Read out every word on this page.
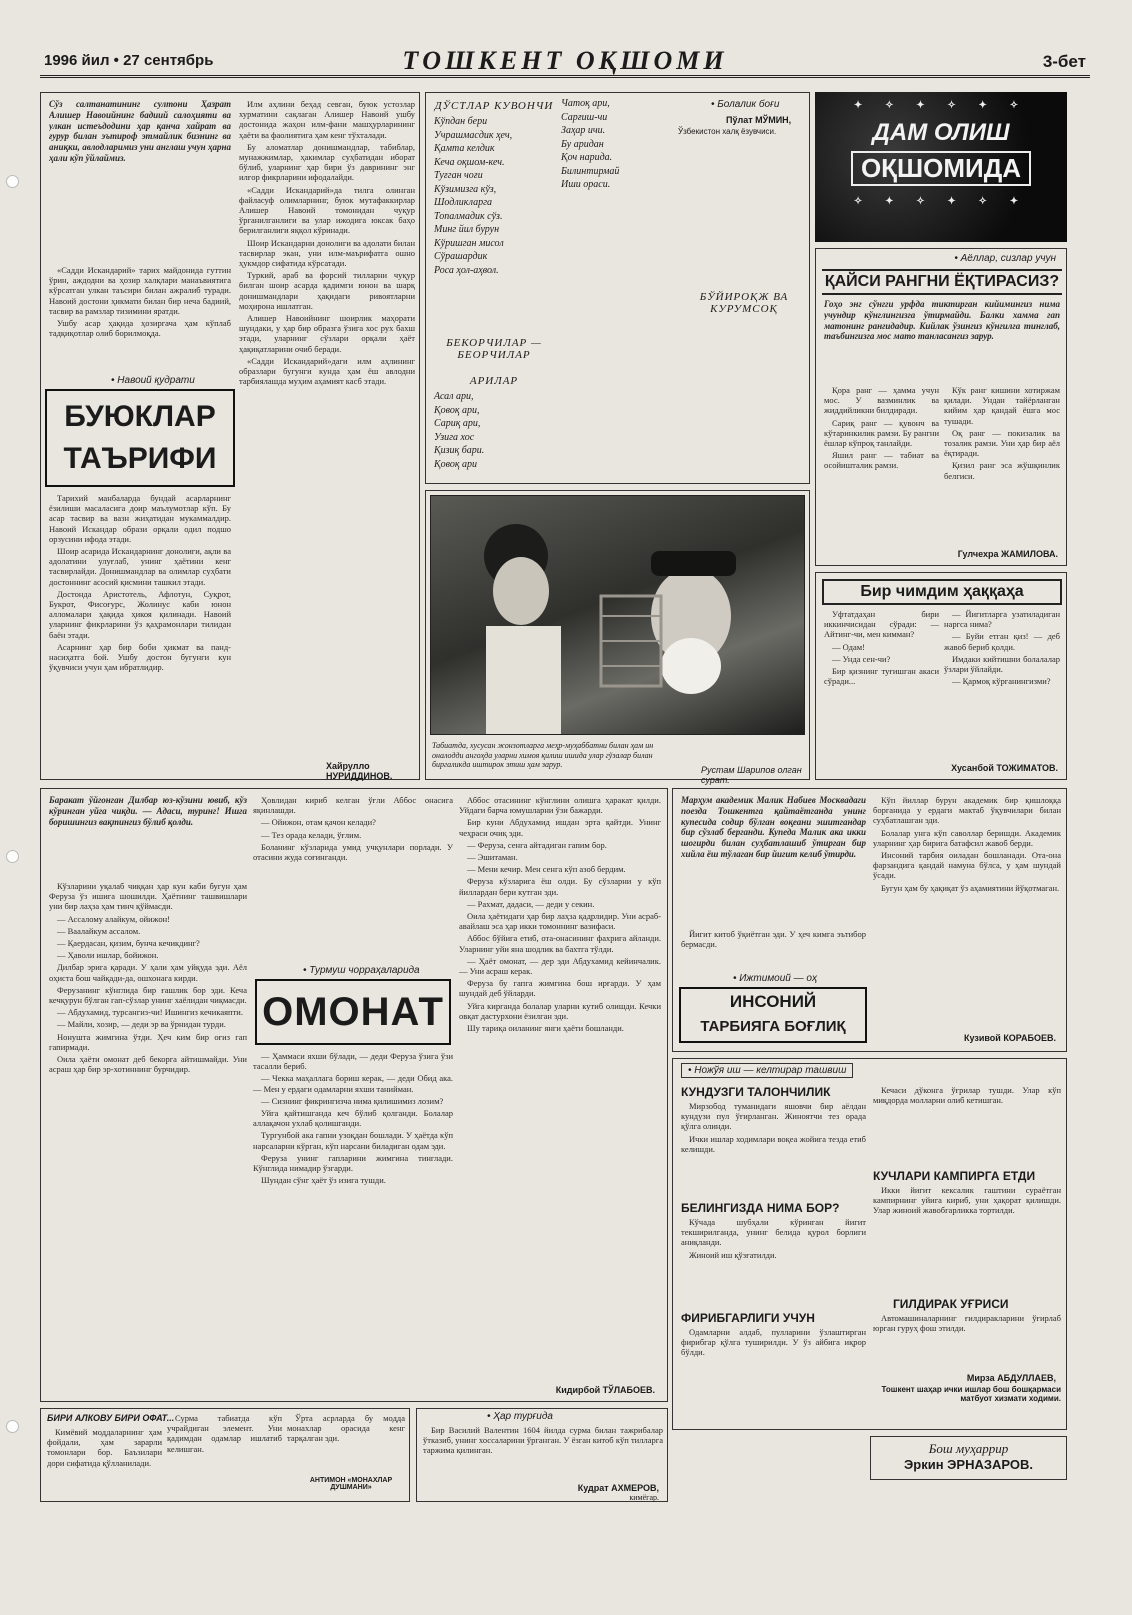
1996 йил • 27 сентябрь	ТОШКЕНТ ОҚШОМИ	3-бет
Сўз салтанатининг султони Ҳазрат Алишер Навоийнинг бадиий салоҳияти ва улкан истеъдодини ҳар қанча хайрат ва ғурур билан эътироф этмайлик бизнинг ва аниқки, авлодларимиз уни англаш учун ҳарна ҳали кўп ўйлаймиз.

«Садди Искандарий» тарих майдонида гуттин ўрин, аждодни ва ҳозир халқлари манаъвиятига кўрсатган улкан таъсири билан ажралиб туради. Навоий достони ҳикмати билан бир неча бадиий, тасвир ва рамзлар тизимини яратди.

Ушбу асар ҳақида ҳозиргача ҳам кўплаб тадқиқотлар олиб борилмоқда.

• Навоий қудрати
БУЮКЛАР
ТАЪРИФИ

Тарихий манбаларда бундай асарларнинг ёзилиши масаласига доир маълумотлар кўп. Бу асар тасвир ва вазн жиҳатидан мукаммалдир. Навоий Искандар образи орқали одил подшо орзусини ифода этади.

Шоир асарида Искандарнинг донолиги, ақли ва адолатини улуғлаб, унинг ҳаётини кенг тасвирлайди. Донишмандлар ва олимлар суҳбати достоннинг асосий қисмини ташкил этади.

Достонда Аристотель, Афлотун, Суқрот, Букрот, Фисоғурс, Жолинус каби юнон алломалари ҳақида ҳикоя қилинади. Навоий уларнинг фикрларини ўз қаҳрамонлари тилидан баён этади.

Асарнинг ҳар бир боби ҳикмат ва панд-насиҳатга бой. Ушбу достон бугунги кун ўқувчиси учун ҳам ибратлидир.

Илм аҳлини беҳад севган, буюк устозлар хурматини сақлаган Алишер Навоий ушбу достонида жаҳон илм-фани машҳурларининг ҳаёти ва фаолиятига ҳам кенг тўхталади.

Бу аломатлар донишмандлар, табиблар, мунажжимлар, ҳакимлар суҳбатидан иборат бўлиб, уларнинг ҳар бири ўз даврининг энг илғор фикрларини ифодалайди.

«Садди Искандарий»да тилга олинган файласуф олимларнинг, буюк мутафаккирлар Алишер Навоий томонидан чуқур ўрганилганлиги ва улар ижодига юксак баҳо берилганлиги яққол кўринади.

Шоир Искандарни донолиги ва адолати билан тасвирлар экан, уни илм-маърифатга ошно ҳукмдор сифатида кўрсатади.

Туркий, араб ва форсий тилларни чуқур билган шоир асарда қадимги юнон ва шарқ донишмандлари ҳақидаги ривоятларни моҳирона ишлатган.

Алишер Навоийнинг шоирлик маҳорати шундаки, у ҳар бир образга ўзига хос рух бахш этади, уларнинг сўзлари орқали ҳаёт ҳақиқатларини очиб беради.

«Садди Искандарий»даги илм аҳлининг образлари бугунги кунда ҳам ёш авлодни тарбиялашда муҳим аҳамият касб этади.

Хайрулло НУРИДДИНОВ.
ДЎСТЛАР КУВОНЧИ
Кўпдан бери
Учрашмасдик ҳеч,
Қамта келдик
Кеча оқшом-кеч.
Туғган чоғи
Кўзимизга кўз,
Шодликларга
Топалмадик сўз.
Минг йил бурун
Кўришган мисол
Сўрашардик
Роса ҳол-аҳвол.
БЕКОРЧИЛАР — БЕОРЧИЛАР
АРИЛАР
Асал ари,
Қовоқ ари,
Сариқ ари,
Узига хос
Қизиқ бари.
Қовоқ ари
Чатоқ ари,
Сарғиш-чи
Заҳар ичи.
Бу аридан
Қоч нарида.
Билинтирмай
Иши ораси.
• Болалик боғи
Пўлат МЎМИН,
Ўзбекистон халқ ёзувчиси.
БЎЙИРОҚЖ ВА КУРУМСОҚ
Табиатда, хусусан жонзотларга меҳр-муҳаббатни билан ҳам ин оналодди ангоҳда уларни химоя қилиш ишида улар гўзалар билан биргаликда иштирок этиш ҳам зарур.
Рустам Шарипов олган сурат.
✦ ✧ ✦ ✧ ✦ ✧
ДАМ ОЛИШ
ОҚШОМИДА
✧ ✦ ✧ ✦ ✧ ✦
• Аёллар, сизлар учун
ҚАЙСИ РАНГНИ ЁҚТИРАСИЗ?
Гоҳо энг сўнгги урфда тиктирган кийимингиз нима учундир кўнглингизга ўтирмайди. Балки хамма гап матонинг рангидадир. Кийлак ўзингиз кўнгилга тинглаб, таъбингизга мос мато танласангиз зарур.

Қора ранг — ҳамма учун мос. У вазминлик ва жиддийликни билдиради.

Сариқ ранг — қувонч ва кўтаринкилик рамзи. Бу рангни ёшлар кўпроқ танлайди.

Яшил ранг — табиат ва осойишталик рамзи.

Кўк ранг кишини хотиржам қилади. Ундан тайёрланган кийим ҳар қандай ёшга мос тушади.

Оқ ранг — покизалик ва тозалик рамзи. Уни ҳар бир аёл ёқтиради.

Қизил ранг эса жўшқинлик белгиси.

Гулчехра ЖАМИЛОВА.
Бир чимдим ҳаққаҳа

Уфтатдаҳан бири иккинчисидан сўради: — Айтинг-чи, мен кимман?

— Одам!

— Унда сен-чи?

Бир қизнинг туғишган акаси сўради...

— Йигитларга узатиладиган наргса нима?

— Буйи етган қиз! — деб жавоб бериб қолди.

Имдаки кийтишни болалалар ўзлари ўйлайди.

— Қармоқ кўрганингизми?

Хусанбой ТОЖИМАТОВ.
Баракат ўйгонган Дилбар юз-кўзини ювиб, кўз кўринган уйга чиқди. — Адаси, туринг! Ишга боришингиз вақтингиз бўлиб қолди.

Кўзларини уқалаб чиққан ҳар кун каби бугун ҳам Феруза ўз ишига шошилди. Ҳаётнинг ташвишлари уни бир лаҳза ҳам тинч қўймасди.

— Ассалому алайкум, ойижон!

— Ваалайкум ассалом.

— Қаердасан, қизим, бунча кечикдинг?

— Ҳаволи ишлар, бойижон.

Дилбар эрига қаради. У ҳали ҳам уйқуда эди. Аёл оҳиста бош чайқади-да, ошхонага кирди.

Ферузанинг кўнглида бир ғашлик бор эди. Кеча кечқурун бўлган гап-сўзлар унинг хаёлидан чиқмасди.

— Абдухамид, турсангиз-чи! Ишингиз кечикаяпти.

— Майли, хозир, — деди эр ва ўрнидан турди.

Нонушта жимгина ўтди. Ҳеч ким бир оғиз гап гапирмади.

Оила ҳаёти омонат деб бекорга айтишмайди. Уни асраш ҳар бир эр-хотиннинг бурчидир.

Ҳовлидан кириб келган ўғли Аббос онасига яқинлашди.

— Ойижон, отам қачон келади?

— Тез орада келади, ўғлим.

Боланинг кўзларида умид учқунлари порлади. У отасини жуда соғинганди.

• Турмуш чорраҳаларида
ОМОНАТ

— Ҳаммаси яхши бўлади, — деди Феруза ўзига ўзи тасалли бериб.

— Чекка маҳаллага бориш керак, — деди Обид ака. — Мен у ердаги одамларни яхши танийман.

— Сизнинг фикрингизча нима қилишимиз лозим?

Уйга қайтишганда кеч бўлиб қолганди. Болалар аллақачон ухлаб қолишганди.

Тургунбой ака гапни узоқдан бошлади. У ҳаётда кўп нарсаларни кўрган, кўп нарсани биладиган одам эди.

Феруза унинг гапларини жимгина тинглади. Кўнглида нимадир ўзгарди.

Шундан сўнг ҳаёт ўз изига тушди.

Аббос отасининг кўнглини олишга ҳаракат қилди. Уйдаги барча юмушларни ўзи бажарди.

Бир куни Абдухамид ишдан эрта қайтди. Унинг чеҳраси очиқ эди.

— Феруза, сенга айтадиган гапим бор.

— Эшитаман.

— Мени кечир. Мен сенга кўп азоб бердим.

Феруза кўзларига ёш олди. Бу сўзларни у кўп йиллардан бери кутган эди.

— Рахмат, дадаси, — деди у секин.

Оила ҳаётидаги ҳар бир лаҳза қадрлидир. Уни асраб-авайлаш эса ҳар икки томоннинг вазифаси.

Аббос бўйига етиб, ота-онасининг фахрига айланди. Уларнинг уйи яна шодлик ва бахтга тўлди.

— Ҳаёт омонат, — дер эди Абдухамид кейинчалик. — Уни асраш керак.

Феруза бу гапга жимгина бош ирғарди. У ҳам шундай деб ўйларди.

Уйга кирганда болалар уларни кутиб олишди. Кечки овқат дастурхони ёзилган эди.

Шу тариқа оиланинг янги ҳаёти бошланди.

Кидирбой ТЎЛАБОЕВ.
Марҳум академик Малик Набиев Москвадаги поезда Тошкентга қайтаётганда унинг купесида содир бўлган воқеани эшитгандар бир сўзлаб берганди. Купеда Малик ака икки шогирди билан суҳбатлашиб ўтирган бир хийла ёш тўлаган бир йигит келиб ўтирди.

Йигит китоб ўқиётган эди. У ҳеч кимга эътибор бермасди.

• Ижтимоий — оҳ
ИНСОНИЙ
ТАРБИЯГА БОҒЛИҚ

Кўп йиллар бурун академик бир қишлоққа борганида у ердаги мактаб ўқувчилари билан суҳбатлашган эди.

Болалар унга кўп саволлар беришди. Академик уларнинг ҳар бирига батафсил жавоб берди.

Инсоний тарбия оиладан бошланади. Ота-она фарзандига қандай намуна бўлса, у ҳам шундай ўсади.

Бугун ҳам бу ҳақиқат ўз аҳамиятини йўқотмаган.

Кузивой КОРАБОЕВ.
• Ножўя иш — келтирар ташвиш
КУНДУЗГИ ТАЛОНЧИЛИК

Мирзобод туманидаги яшовчи бир аёлдан кундузи пул ўғирланган. Жиноятчи тез орада қўлга олинди.

Ички ишлар ходимлари воқеа жойига тезда етиб келишди.

БЕЛИНГИЗДА НИМА БОР?

Кўчада шубҳали кўринган йигит текширилганда, унинг белида қурол борлиги аниқланди.

Жиноий иш қўзғатилди.

ФИРИБГАРЛИГИ УЧУН

Одамларни алдаб, пулларини ўзлаштирган фирибгар қўлга туширилди. У ўз айбига иқрор бўлди.

Кечаси дўконга ўғрилар тушди. Улар кўп миқдорда молларни олиб кетишган.

КУЧЛАРИ КАМПИРГА ЕТДИ

Икки йигит кексалик гаштини сураётган кампирнинг уйига кириб, уни ҳақорат қилишди. Улар жиноий жавобгарликка тортилди.

ГИЛДИРАК УҒРИСИ

Автомашиналарнинг ғилдиракларини ўғирлаб юрган гуруҳ фош этилди.

Мирза АБДУЛЛАЕВ,
Тошкент шаҳар ички ишлар бош бошқармаси матбуот хизмати ходими.
Бош муҳаррир
Эркин ЭРНАЗАРОВ.
БИРИ АЛКОВУ БИРИ ОФАТ...

Кимёвий моддаларнинг ҳам фойдали, ҳам зарарли томонлари бор. Баъзилари дори сифатида қўлланилади.

Сурма табиатда кўп учрайдиган элемент. Уни қадимдан одамлар ишлатиб келишган.

Ўрта асрларда бу модда монахлар орасида кенг тарқалган эди.

АНТИМОН «МОНАХЛАР ДУШМАНИ»
• Ҳар турғида

Бир Василий Валентин 1604 йилда сурма билан тажрибалар ўтказиб, унинг хоссаларини ўрганган. У ёзган китоб кўп тилларга таржима қилинган.

Кудрат АХМЕРОВ,
кимёгар.
